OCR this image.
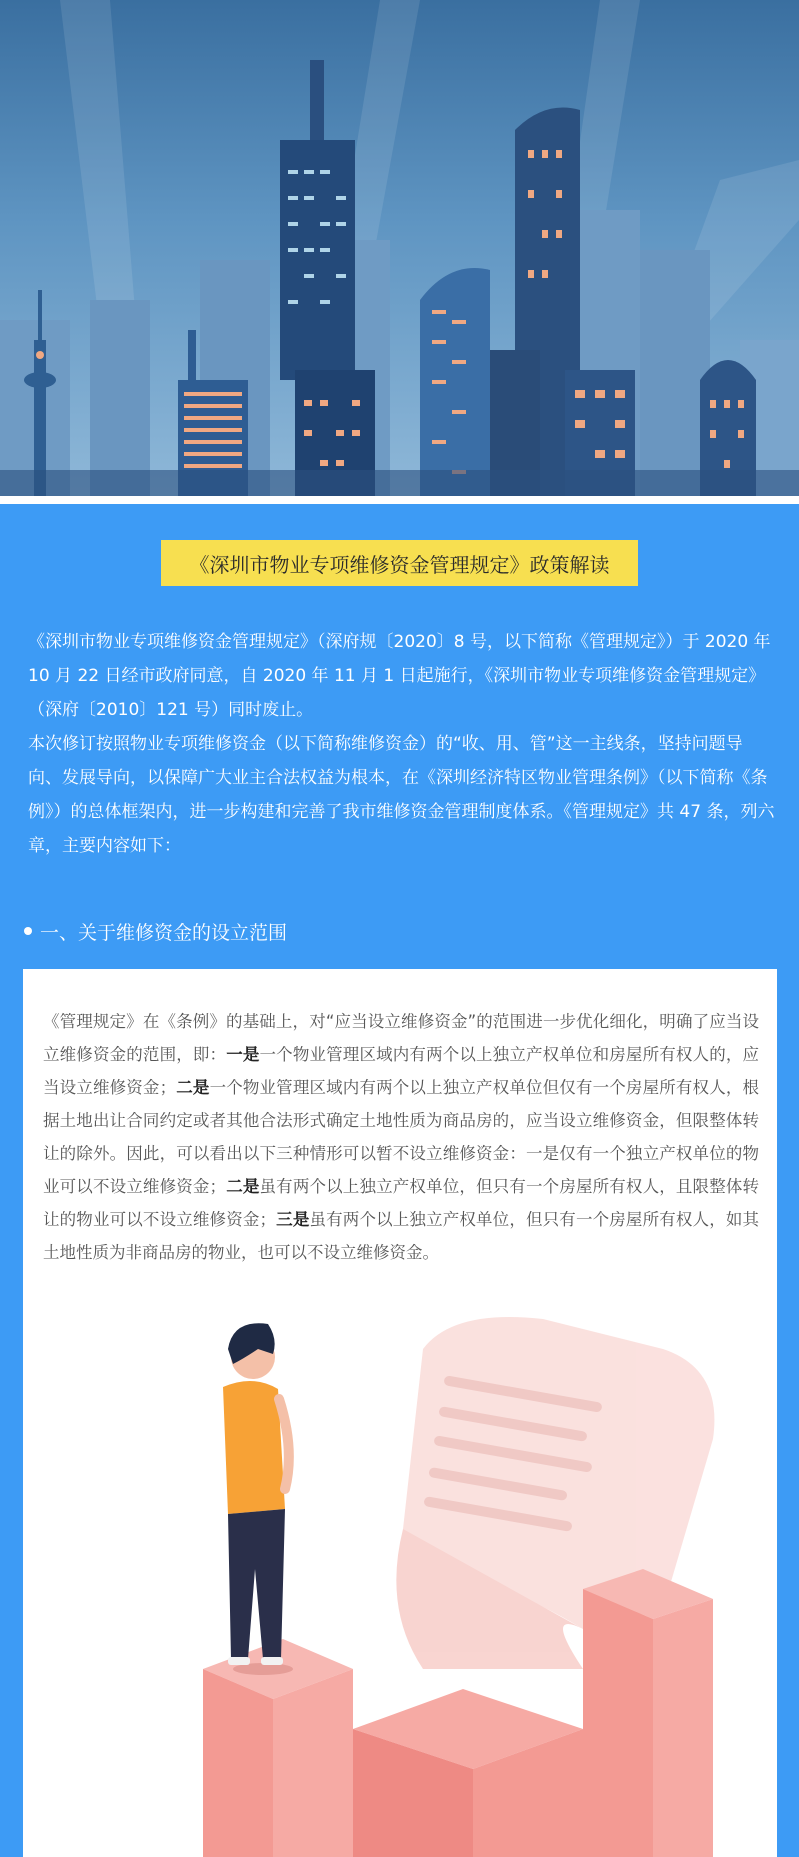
《深圳市物业专项维修资金管理规定》政策解读

《深圳市物业专项维修资金管理规定》（深府规〔2020〕8 号，以下简称《管理规定》）于 2020 年 10 月 22 日经市政府同意，自 2020 年 11 月 1 日起施行，《深圳市物业专项维修资金管理规定》（深府〔2010〕121 号）同时废止。

本次修订按照物业专项维修资金（以下简称维修资金）的“收、用、管”这一主线条，坚持问题导向、发展导向，以保障广大业主合法权益为根本，在《深圳经济特区物业管理条例》（以下简称《条例》）的总体框架内，进一步构建和完善了我市维修资金管理制度体系。《管理规定》共 47 条，列六章，主要内容如下：

一、关于维修资金的设立范围
《管理规定》在《条例》的基础上，对“应当设立维修资金”的范围进一步优化细化，明确了应当设立维修资金的范围，即：一是一个物业管理区域内有两个以上独立产权单位和房屋所有权人的，应当设立维修资金；二是一个物业管理区域内有两个以上独立产权单位但仅有一个房屋所有权人，根据土地出让合同约定或者其他合法形式确定土地性质为商品房的，应当设立维修资金，但限整体转让的除外。因此，可以看出以下三种情形可以暂不设立维修资金：一是仅有一个独立产权单位的物业可以不设立维修资金；二是虽有两个以上独立产权单位，但只有一个房屋所有权人，且限整体转让的物业可以不设立维修资金；三是虽有两个以上独立产权单位，但只有一个房屋所有权人，如其土地性质为非商品房的物业，也可以不设立维修资金。
